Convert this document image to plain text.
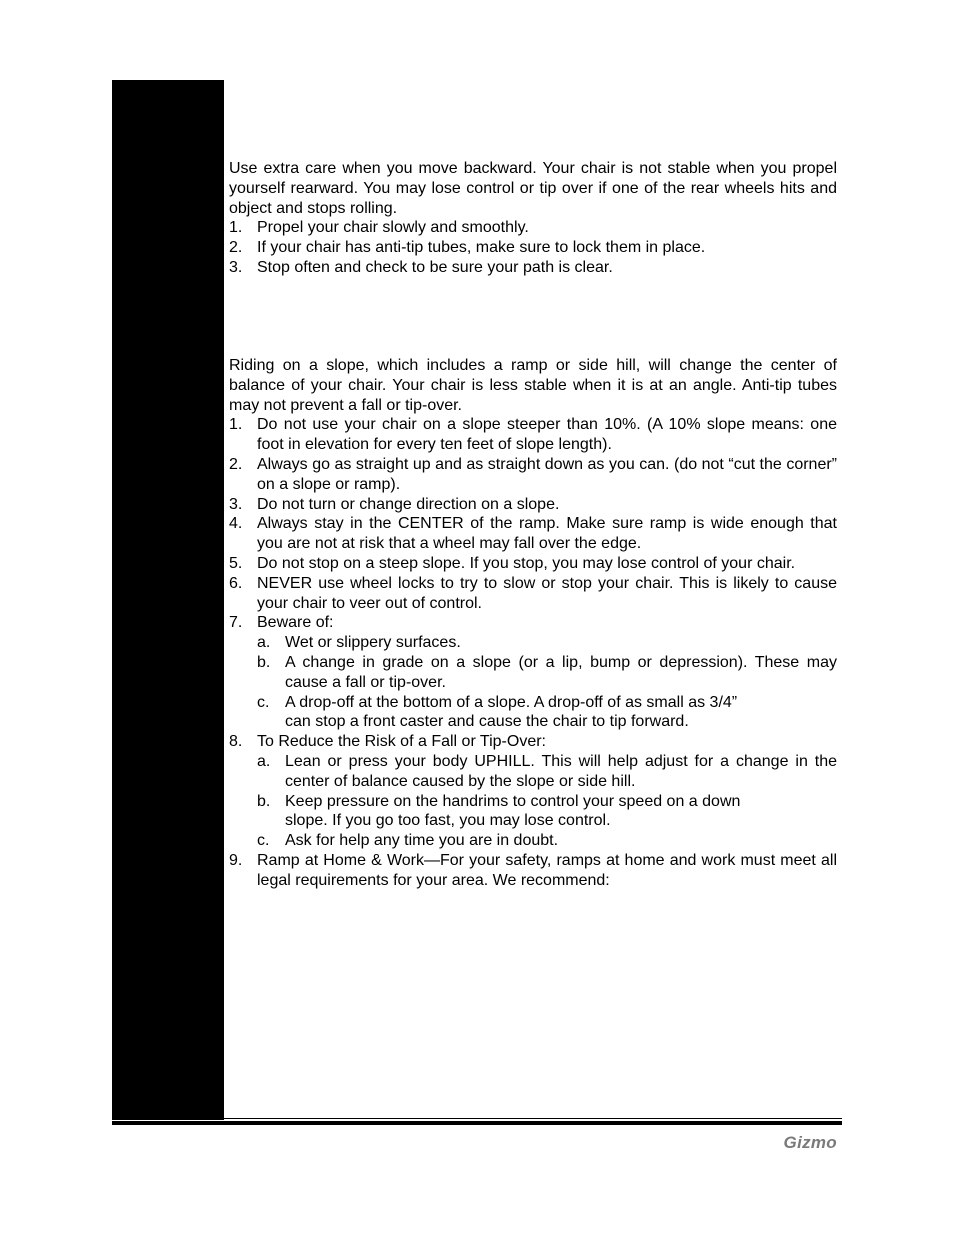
Use extra care when you move backward. Your chair is not stable when you propel yourself rearward. You may lose control or tip over if one of the rear wheels hits and object and stops rolling.

1. Propel your chair slowly and smoothly.
2. If your chair has anti-tip tubes, make sure to lock them in place.
3. Stop often and check to be sure your path is clear.

Riding on a slope, which includes a ramp or side hill, will change the center of balance of your chair. Your chair is less stable when it is at an angle. Anti-tip tubes may not prevent a fall or tip-over.

1. Do not use your chair on a slope steeper than 10%. (A 10% slope means: one foot in elevation for every ten feet of slope length).
2. Always go as straight up and as straight down as you can. (do not “cut the corner” on a slope or ramp).
3. Do not turn or change direction on a slope.
4. Always stay in the CENTER of the ramp. Make sure ramp is wide enough that you are not at risk that a wheel may fall over the edge.
5. Do not stop on a steep slope. If you stop, you may lose control of your chair.
6. NEVER use wheel locks to try to slow or stop your chair. This is likely to cause your chair to veer out of control.
7. Beware of:
a. Wet or slippery surfaces.
b. A change in grade on a slope (or a lip, bump or depression). These may cause a fall or tip-over.
c. A drop-off at the bottom of a slope. A drop-off of as small as 3/4”
can stop a front caster and cause the chair to tip forward.
8. To Reduce the Risk of a Fall or Tip-Over:
a. Lean or press your body UPHILL. This will help adjust for a change in the center of balance caused by the slope or side hill.
b. Keep pressure on the handrims to control your speed on a down
slope. If you go too fast, you may lose control.
c. Ask for help any time you are in doubt.
9. Ramp at Home & Work—For your safety, ramps at home and work must meet all legal requirements for your area. We recommend:
Gizmo
